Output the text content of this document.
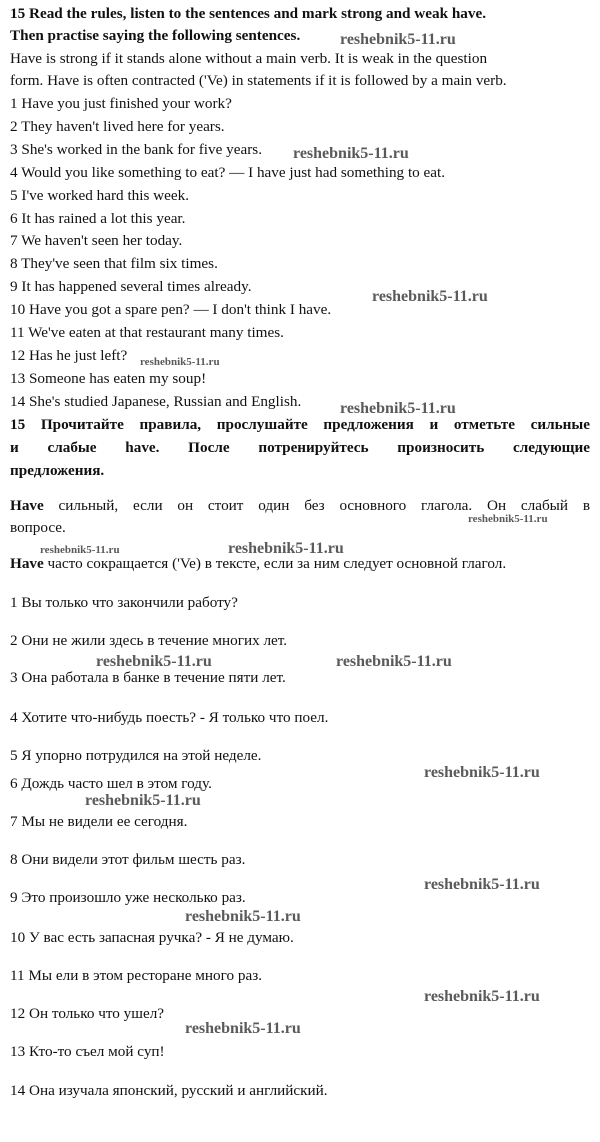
15 Read the rules, listen to the sentences and mark strong and weak have.
Then practise saying the following sentences.
Have is strong if it stands alone without a main verb. It is weak in the question
form. Have is often contracted ('Ve) in statements if it is followed by a main verb.
1 Have you just finished your work?
2 They haven't lived here for years.
3 She's worked in the bank for five years.
4 Would you like something to eat? — I have just had something to eat.
5 I've worked hard this week.
6 It has rained a lot this year.
7 We haven't seen her today.
8 They've seen that film six times.
9 It has happened several times already.
10 Have you got a spare pen? — I don't think I have.
11 We've eaten at that restaurant many times.
12 Has he just left?
13 Someone has eaten my soup!
14 She's studied Japanese, Russian and English.
15 Прочитайте правила, прослушайте предложения и отметьте сильные
и слабые have. После потренируйтесь произносить следующие
предложения.
Have сильный, если он стоит один без основного глагола. Он слабый в
вопросе.
Have часто сокращается ('Ve) в тексте, если за ним следует основной глагол.
1 Вы только что закончили работу?
2 Они не жили здесь в течение многих лет.
3 Она работала в банке в течение пяти лет.
4 Хотите что-нибудь поесть? - Я только что поел.
5 Я упорно потрудился на этой неделе.
6 Дождь часто шел в этом году.
7 Мы не видели ее сегодня.
8 Они видели этот фильм шесть раз.
9 Это произошло уже несколько раз.
10 У вас есть запасная ручка? - Я не думаю.
11 Мы ели в этом ресторане много раз.
12 Он только что ушел?
13 Кто-то съел мой суп!
14 Она изучала японский, русский и английский.
reshebnik5-11.ru
reshebnik5-11.ru
reshebnik5-11.ru
reshebnik5-11.ru
reshebnik5-11.ru
reshebnik5-11.ru
reshebnik5-11.ru	reshebnik5-11.ru
reshebnik5-11.ru	reshebnik5-11.ru
reshebnik5-11.ru
reshebnik5-11.ru
reshebnik5-11.ru
reshebnik5-11.ru
reshebnik5-11.ru
reshebnik5-11.ru
